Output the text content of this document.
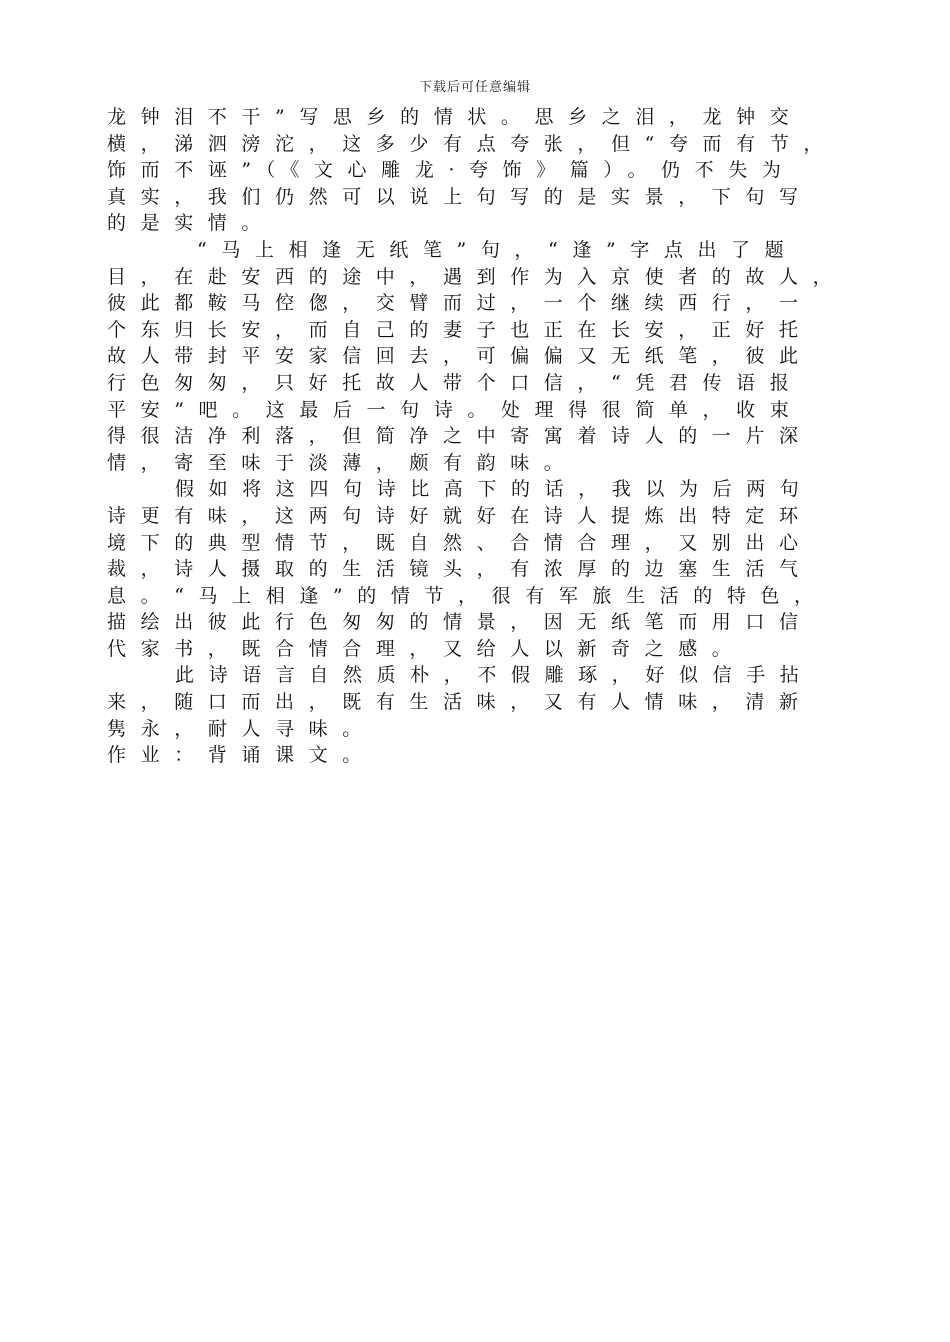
下载后可任意编辑
龙钟泪不干”写思乡的情状。思乡之泪，龙钟交
横，涕泗滂沱，这多少有点夸张，但“夸而有节，
饰而不诬”（《文心雕龙·夸饰》篇）。仍不失为
真实，我们仍然可以说上句写的是实景，下句写
的是实情。
“马上相逢无纸笔”句，“逢”字点出了题
目，在赴安西的途中，遇到作为入京使者的故人，
彼此都鞍马倥偬，交臂而过，一个继续西行，一
个东归长安，而自己的妻子也正在长安，正好托
故人带封平安家信回去，可偏偏又无纸笔，彼此
行色匆匆，只好托故人带个口信，“凭君传语报
平安”吧。这最后一句诗。处理得很简单，收束
得很洁净利落，但简净之中寄寓着诗人的一片深
情，寄至味于淡薄，颇有韵味。
假如将这四句诗比高下的话，我以为后两句
诗更有味，这两句诗好就好在诗人提炼出特定环
境下的典型情节，既自然、合情合理，又别出心
裁，诗人摄取的生活镜头，有浓厚的边塞生活气
息。“马上相逢”的情节，很有军旅生活的特色，
描绘出彼此行色匆匆的情景，因无纸笔而用口信
代家书，既合情合理，又给人以新奇之感。
此诗语言自然质朴，不假雕琢，好似信手拈
来，随口而出，既有生活味，又有人情味，清新
隽永，耐人寻味。
作业：背诵课文。
